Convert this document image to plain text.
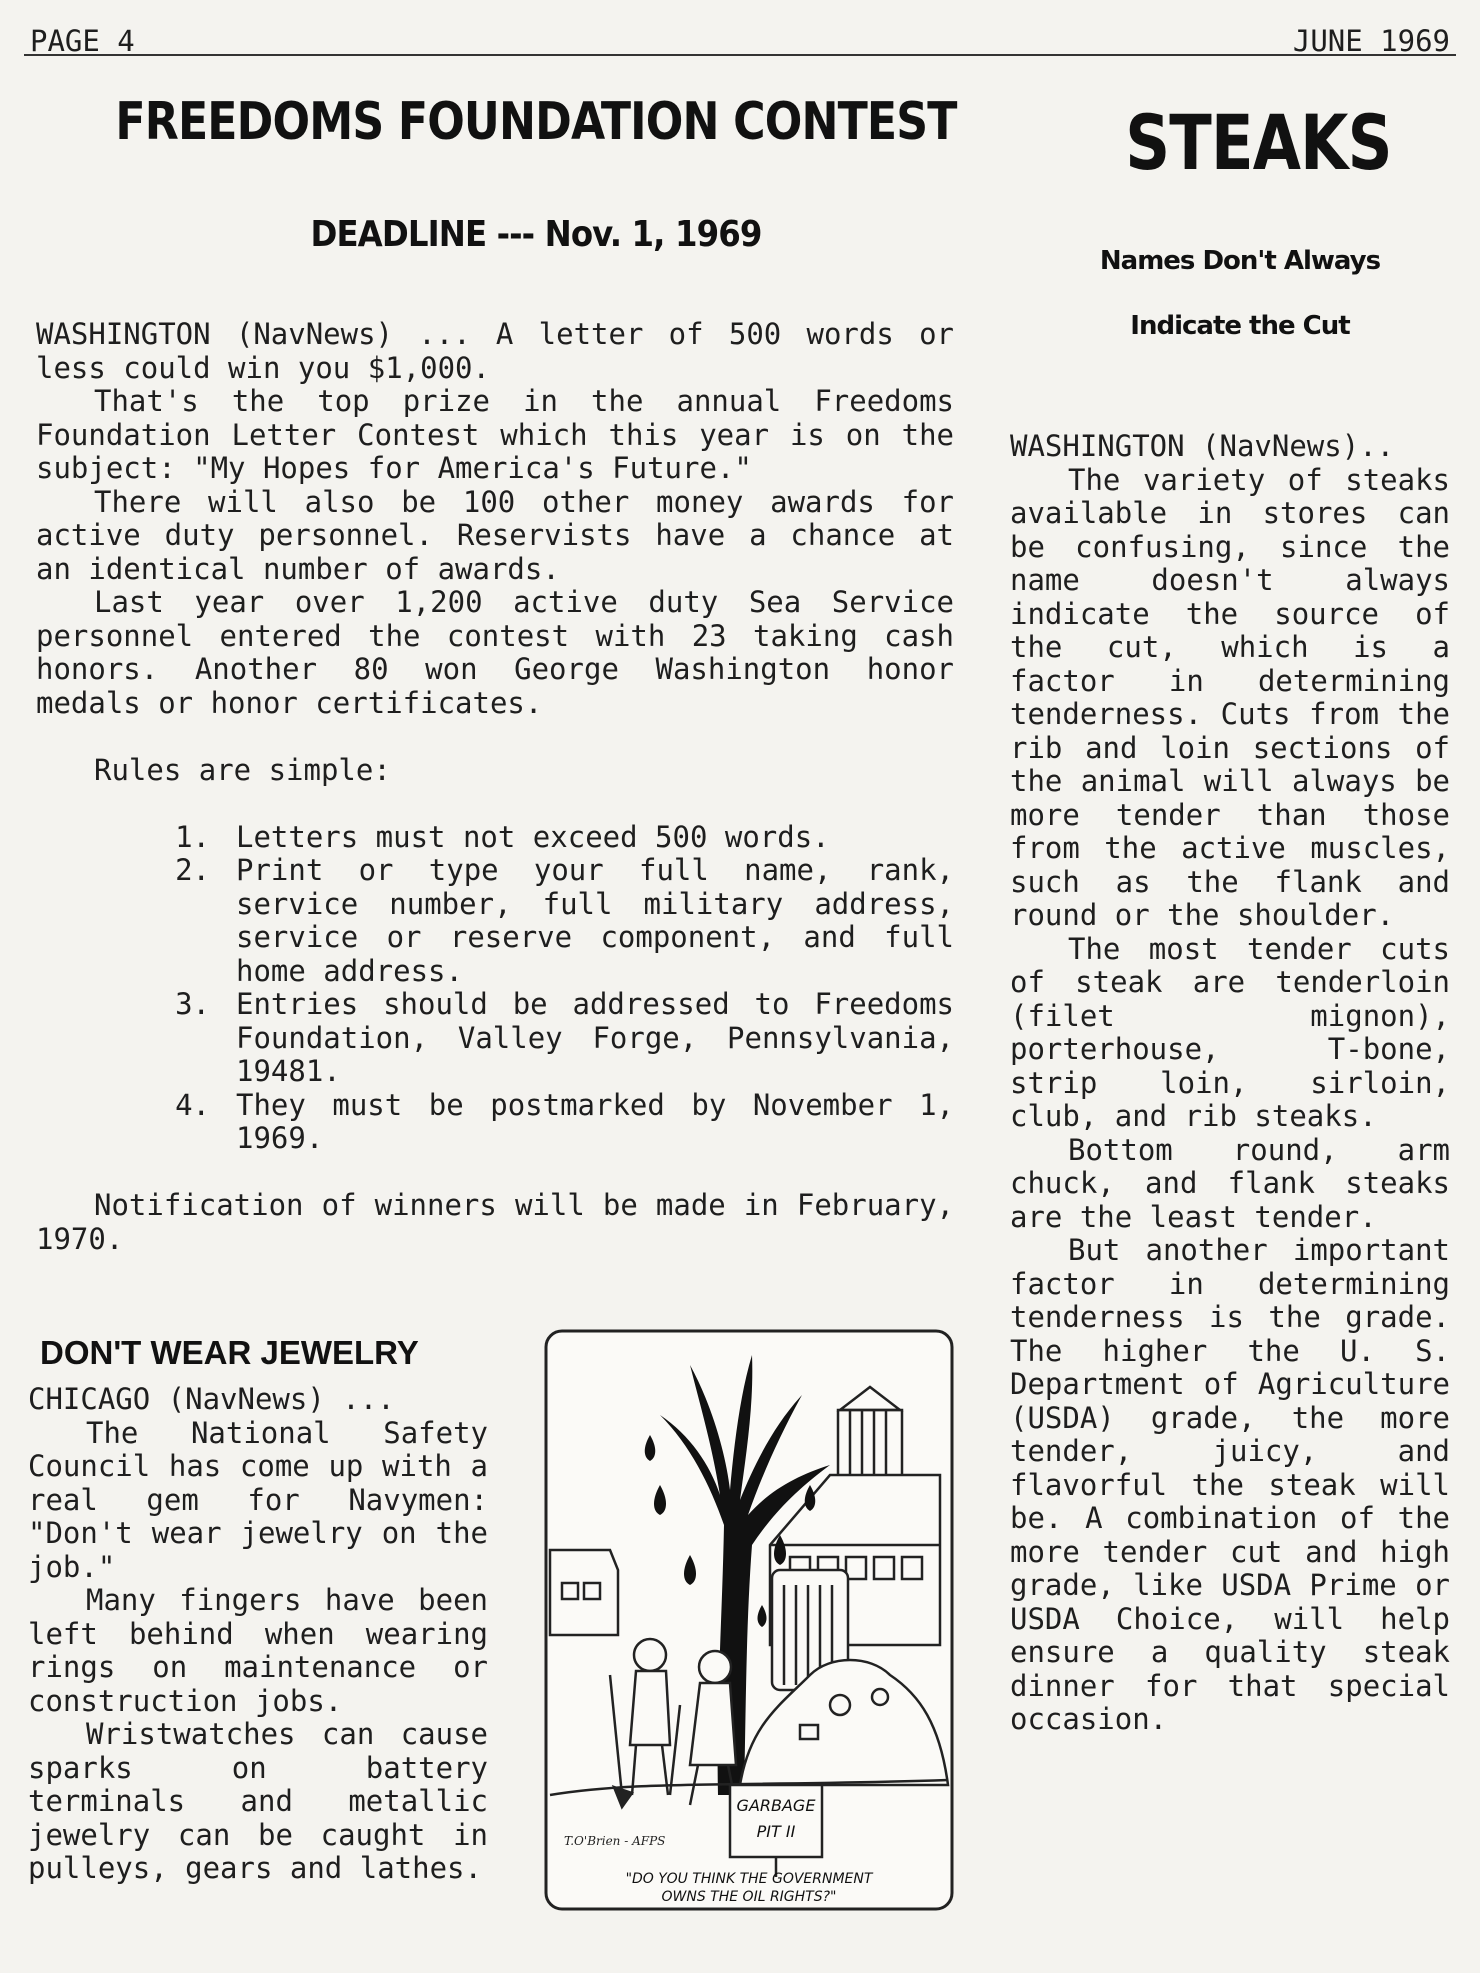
PAGE 4	JUNE 1969
FREEDOMS FOUNDATION CONTEST
DEADLINE --- Nov. 1, 1969
STEAKS
Names Don't Always
Indicate the Cut

WASHINGTON (NavNews) ... A letter of 500 words or less could win you $1,000.

That's the top prize in the annual Freedoms Foundation Letter Contest which this year is on the subject: "My Hopes for America's Future."

There will also be 100 other money awards for active duty personnel. Reservists have a chance at an identical number of awards.

Last year over 1,200 active duty Sea Service personnel entered the contest with 23 taking cash honors. Another 80 won George Washington honor medals or honor certificates.

Rules are simple:

1. Letters must not exceed 500 words.
2. Print or type your full name, rank, service number, full military address, service or reserve component, and full home address.
3. Entries should be addressed to Freedoms Foundation, Valley Forge, Pennsylvania, 19481.
4. They must be postmarked by November 1, 1969.

Notification of winners will be made in February, 1970.

DON'T WEAR JEWELRY

CHICAGO (NavNews) ...

The National Safety Council has come up with a real gem for Navymen: "Don't wear jewelry on the job."

Many fingers have been left behind when wearing rings on maintenance or construction jobs.

Wristwatches can cause sparks on battery terminals and metallic jewelry can be caught in pulleys, gears and lathes.

GARBAGE
PIT II
T.O'Brien - AFPS
"DO YOU THINK THE GOVERNMENT
OWNS THE OIL RIGHTS?"

WASHINGTON (NavNews)..

The variety of steaks available in stores can be confusing, since the name doesn't always indicate the source of the cut, which is a factor in determining tenderness. Cuts from the rib and loin sections of the animal will always be more tender than those from the active muscles, such as the flank and round or the shoulder.

The most tender cuts of steak are tenderloin (filet mignon), porterhouse, T-bone, strip loin, sirloin, club, and rib steaks.

Bottom round, arm chuck, and flank steaks are the least tender.

But another important factor in determining tenderness is the grade. The higher the U. S. Department of Agriculture (USDA) grade, the more tender, juicy, and flavorful the steak will be. A combination of the more tender cut and high grade, like USDA Prime or USDA Choice, will help ensure a quality steak dinner for that special occasion.
